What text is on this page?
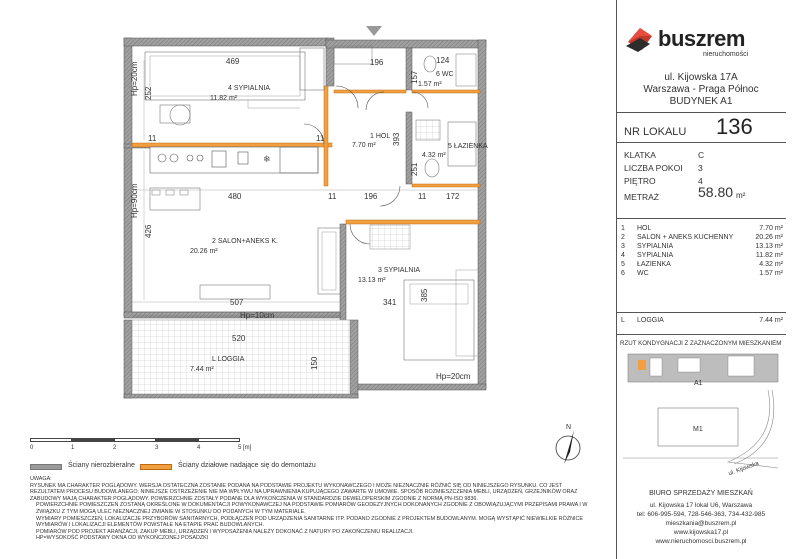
❄
4 SYPIALNIA
11.82 m²
1 HOL
7.70 m²
6 WC
1.57 m²
5 ŁAZIENKA
4.32 m²
2 SALON+ANEKS K.
20.26 m²
3 SYPIALNIA
13.13 m²
L LOGGIA
7.44 m²
469	196	124
157
252
393
251
480	196	172
426
507	341
385
520
150
11	11
11
11
Hp=20cm
Hp=90cm
Hp=10cm
Hp=20cm
0	1	2	3	4	5 [m]
N
Ściany nierozbieralne	Ściany działowe nadające się do demontażu
UWAGA:
RYSUNEK MA CHARAKTER POGLĄDOWY. WERSJA OSTATECZNA ZOSTANIE PODANA NA PODSTAWIE PROJEKTU WYKONAWCZEGO I MOŻE NIEZNACZNIE RÓŻNIĆ SIĘ OD NINIEJSZEGO RYSUNKU. CO JEST REZULTATEM PROCESU BUDOWLANEGO. NINIEJSZE OSTRZEŻENIE NIE MA WPŁYWU NA UPRAWNIENIA KUPUJĄCEGO ZAWARTE W UMOWIE. SPOSÓB ROZMIESZCZENIA MEBLI, URZĄDZEŃ, GRZEJNIKÓW ORAZ ZABUDOWY MAJĄ CHARAKTER POGLĄDOWY. POWIERZCHNIE ZOSTAŁY PODANE DLA WYKOŃCZENIA W STANDARDZIE DEWELOPERSKIM ZGODNIE Z NORMĄ PN-ISO 9836.
POWIERZCHNIE POMIESZCZEŃ ZOSTANĄ OKREŚLONE W DOKUMENTACJI POWYKONAWCZEJ NA PODSTAWIE POMIARÓW GEODEZYJNYCH DOKONANYCH ZGODNIE Z OBOWIĄZUJĄCYMI PRZEPISAMI PRAWA I W ZWIĄZKU Z TYM MOGĄ ULEC NIEZNACZNEJ ZMIANIE W STOSUNKU DO PODANYCH W TYM MATERIALE.
WYMIARY POMIESZCZEŃ, LOKALIZACJE PRZYBORÓW SANITARNYCH, PODŁĄCZEŃ POD URZĄDZENIA SANITARNE ITP. PODANO ZGODNIE Z PROJEKTEM BUDOWLANYM. MOGĄ WYSTĄPIĆ NIEWIELKIE RÓŻNICE WYMIARÓW I LOKALIZACJI ELEMENTÓW POWSTAŁE NA ETAPIE PRAC BUDOWLANYCH.
POMIARÓW POD PROJEKT ARANŻACJI, ZAKUP MEBLI, URZĄDZEŃ I WYPOSAŻENIA NALEŻY DOKONAĆ Z NATURY PO ZAKOŃCZENIU REALIZACJI.
HP=WYSOKOŚĆ PODSTAWY OKNA OD WYKOŃCZONEJ POSADZKI
buszrem
nieruchomości
ul. Kijowska 17A
Warszawa - Praga Północ
BUDYNEK A1
NR LOKALU 136
KLATKA	C
LICZBA POKOI 3
PIĘTRO	4
METRAŻ	58.80 m²
1 HOL	7.70 m²
2 SALON + ANEKS KUCHENNY	20.26 m²
3 SYPIALNIA	13.13 m²
4 SYPIALNIA	11.82 m²
5 ŁAZIENKA	4.32 m²
6 WC	1.57 m²
L LOGGIA	7.44 m²
RZUT KONDYGNACJI Z ZAZNACZONYM MIESZKANIEM
A1
M1
ul. Kijowska
BIURO SPRZEDAŻY MIESZKAŃ
ul. Kijowska 17 lokal U6, Warszawa
tel: 606-995-594, 728-546-363, 734-432-985
mieszkania@buszrem.pl
www.kijowska17.pl
www.nieruchomosci.buszrem.pl
